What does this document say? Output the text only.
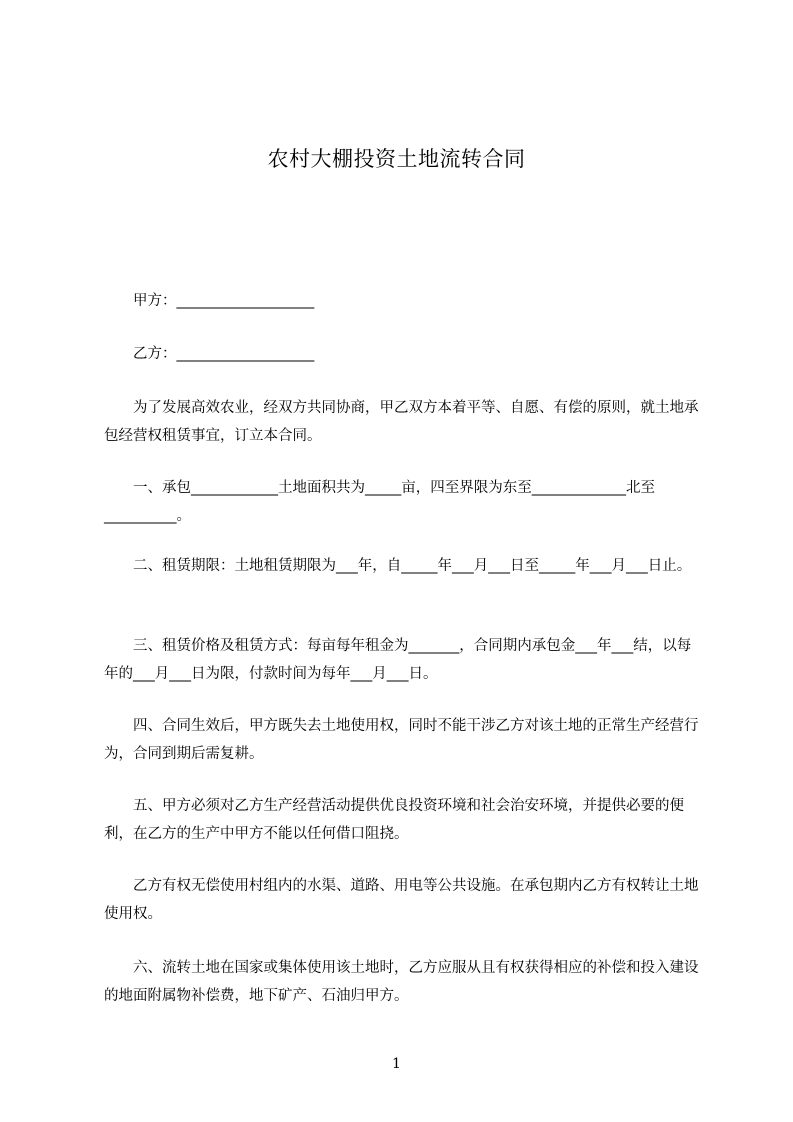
农村大棚投资土地流转合同
　　甲方：___________________
　　乙方：___________________
　　为了发展高效农业，经双方共同协商，甲乙双方本着平等、自愿、有偿的原则，就土地承包经营权租赁事宜，订立本合同。
　　一、承包____________土地面积共为_____亩，四至界限为东至_____________北至__________。
　　二、租赁期限：土地租赁期限为___年，自_____年___月___日至_____年___月___日止。
　　三、租赁价格及租赁方式：每亩每年租金为_______，合同期内承包金___年___结，以每年的___月___日为限，付款时间为每年___月___日。
　　四、合同生效后，甲方既失去土地使用权，同时不能干涉乙方对该土地的正常生产经营行为，合同到期后需复耕。
　　五、甲方必须对乙方生产经营活动提供优良投资环境和社会治安环境，并提供必要的便利，在乙方的生产中甲方不能以任何借口阻挠。
　　乙方有权无偿使用村组内的水渠、道路、用电等公共设施。在承包期内乙方有权转让土地使用权。
　　六、流转土地在国家或集体使用该土地时，乙方应服从且有权获得相应的补偿和投入建设的地面附属物补偿费，地下矿产、石油归甲方。
1
